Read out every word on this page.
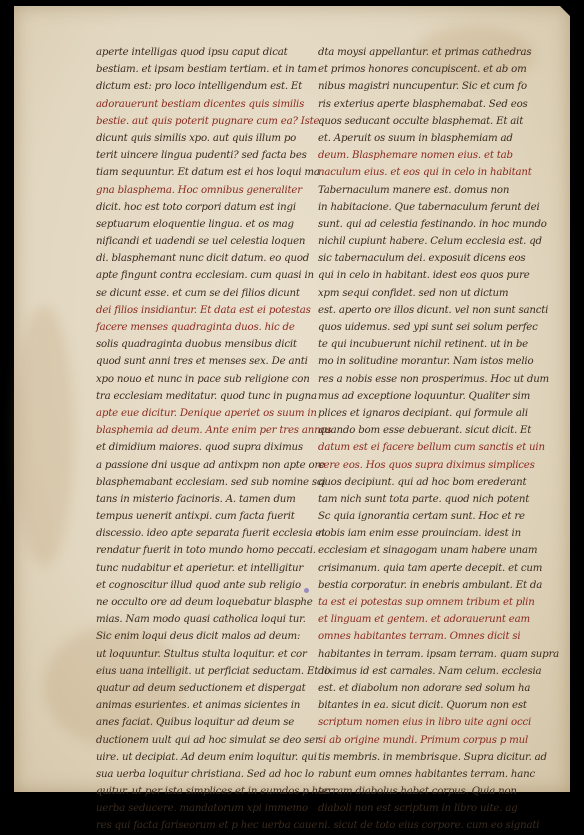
aperte intelligas quod ipsu caput dicat
bestiam. et ipsam bestiam tertiam. et in tam
dictum est: pro loco intelligendum est. Et
adorauerunt bestiam dicentes quis similis
bestie. aut quis poterit pugnare cum ea? Iste
dicunt quis similis xpo. aut quis illum po
terit uincere lingua pudenti? sed facta bes
tiam sequuntur. Et datum est ei hos loqui ma
gna blasphema. Hoc omnibus generaliter
dicit. hoc est toto corpori datum est ingi
septuarum eloquentie lingua. et os mag
nificandi et uadendi se uel celestia loquen
di. blasphemant nunc dicit datum. eo quod
apte fingunt contra ecclesiam. cum quasi in
se dicunt esse. et cum se dei filios dicunt
dei filios insidiantur. Et data est ei potestas
facere menses quadraginta duos. hic de
solis quadraginta duobus mensibus dicit
quod sunt anni tres et menses sex. De anti
xpo nouo et nunc in pace sub religione con
tra ecclesiam meditatur. quod tunc in pugna
apte eue dicitur. Denique aperiet os suum in
blasphemia ad deum. Ante enim per tres annos
et dimidium maiores. quod supra diximus
a passione dni usque ad antixpm non apte ore
blasphemabant ecclesiam. sed sub nomine sci
tans in misterio facinoris. A. tamen dum
tempus uenerit antixpi. cum facta fuerit
discessio. ideo apte separata fuerit ecclesia et
rendatur fuerit in toto mundo homo peccati.
tunc nudabitur et aperietur. et intelligitur
et cognoscitur illud quod ante sub religio
ne occulto ore ad deum loquebatur blasphe
mias. Nam modo quasi catholica loqui tur.
Sic enim loqui deus dicit malos ad deum:
ut loquuntur. Stultus stulta loquitur. et cor
eius uana intelligit. ut perficiat seductam. Et lo
quatur ad deum seductionem et dispergat
animas esurientes. et animas sicientes in
anes faciat. Quibus loquitur ad deum se
ductionem uult qui ad hoc simulat se deo ser
uire. ut decipiat. Ad deum enim loquitur. qui
sua uerba loquitur christiana. Sed ad hoc lo
quitur. ut per ista simplices et in eumdos p hec
uerba seducere. mandatorum xpi immemo
res qui facta fariseorum et p hec uerba caue
dta moysi appellantur. et primas cathedras
et primos honores concupiscent. et ab om
nibus magistri nuncupentur. Sic et cum fo
ris exterius aperte blasphemabat. Sed eos
quos seducant occulte blasphemat. Et ait
et. Aperuit os suum in blasphemiam ad
deum. Blasphemare nomen eius. et tab
naculum eius. et eos qui in celo in habitant
Tabernaculum manere est. domus non
in habitacione. Que tabernaculum ferunt dei
sunt. qui ad celestia festinando. in hoc mundo
nichil cupiunt habere. Celum ecclesia est. qd
sic tabernaculum dei. exposuit dicens eos
qui in celo in habitant. idest eos quos pure
xpm sequi confidet. sed non ut dictum
est. aperto ore illos dicunt. vel non sunt sancti
quos uidemus. sed ypi sunt sei solum perfec
te qui incubuerunt nichil retinent. ut in be
mo in solitudine morantur. Nam istos melio
res a nobis esse non prosperimus. Hoc ut dum
mus ad exceptione loquuntur. Qualiter sim
plices et ignaros decipiant. qui formule ali
quando bom esse debuerant. sicut dicit. Et
datum est ei facere bellum cum sanctis et uin
cere eos. Hos quos supra diximus simplices
quos decipiunt. qui ad hoc bom erederant
tam nich sunt tota parte. quod nich potent
Sc quia ignorantia certam sunt. Hoc et re
nobis iam enim esse prouinciam. idest in
ecclesiam et sinagogam unam habere unam
crisimanum. quia tam aperte decepit. et cum
bestia corporatur. in enebris ambulant. Et da
ta est ei potestas sup omnem tribum et plin
et linguam et gentem. et adorauerunt eam
omnes habitantes terram. Omnes dicit si
habitantes in terram. ipsam terram. quam supra
diximus id est carnales. Nam celum. ecclesia
est. et diabolum non adorare sed solum ha
bitantes in ea. sicut dicit. Quorum non est
scriptum nomen eius in libro uite agni occi
si ab origine mundi. Primum corpus p mul
tis membris. in membrisque. Supra dicitur. ad
rabunt eum omnes habitantes terram. hanc
terram diabolus habet corpus. Quia non
diaboli non est scriptum in libro uite. ag
ni. sicut de toto eius corpore. cum eo signati
